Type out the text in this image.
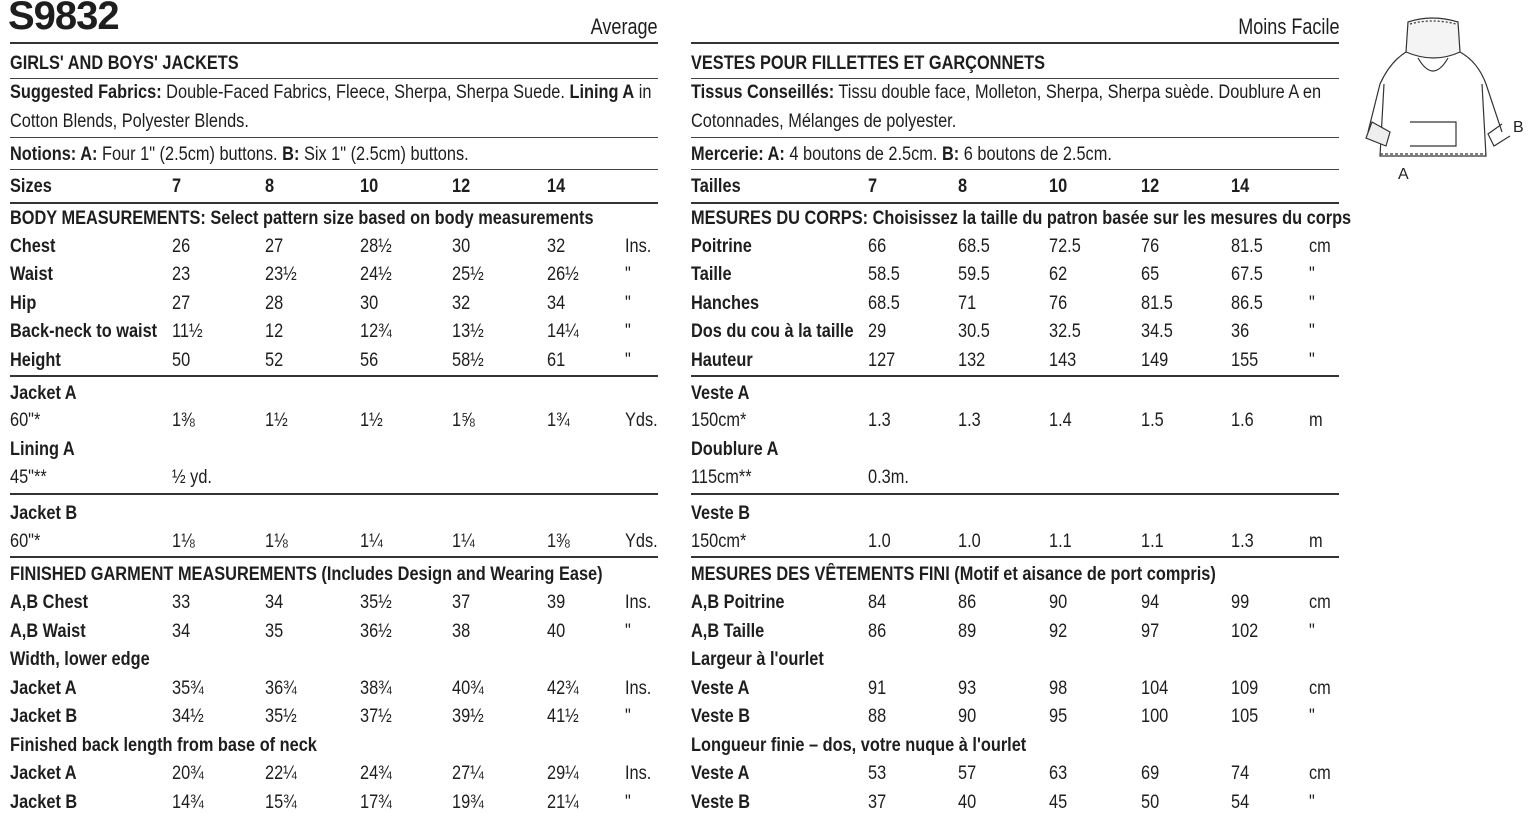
S9832	Average
GIRLS' AND BOYS' JACKETS
Suggested Fabrics: Double-Faced Fabrics, Fleece, Sherpa, Sherpa Suede. Lining A in
Cotton Blends, Polyester Blends.
Notions: A: Four 1" (2.5cm) buttons. B: Six 1" (2.5cm) buttons.
Sizes	7	8	10	12	14
BODY MEASUREMENTS: Select pattern size based on body measurements
Chest	26	27	28½	30	32	Ins.
Waist	23	23½	24½	25½	26½ "
Hip	27	28	30	32	34	"
Back-neck to waist 11½	12	12¾	13½	14¼ "
Height	50	52	56	58½	61	"
Jacket A
60"*	1⅜	1½	1½	1⅝	1¾	Yds.
Lining A
45"**	½ yd.
Jacket B
60"*	1⅛	1⅛	1¼	1¼	1⅜	Yds.
FINISHED GARMENT MEASUREMENTS (Includes Design and Wearing Ease)
A,B Chest	33	34	35½	37	39	Ins.
A,B Waist	34	35	36½	38	40	"
Width, lower edge
Jacket A	35¾	36¾	38¾	40¾	42¾ Ins.
Jacket B	34½	35½	37½	39½	41½ "
Finished back length from base of neck
Jacket A	20¾	22¼	24¾	27¼	29¼ Ins.
Jacket B	14¾	15¾	17¾	19¾	21¼ "
Moins Facile
VESTES POUR FILLETTES ET GARÇONNETS
Tissus Conseillés: Tissu double face, Molleton, Sherpa, Sherpa suède. Doublure A en
Cotonnades, Mélanges de polyester.
Mercerie: A: 4 boutons de 2.5cm. B: 6 boutons de 2.5cm.
Tailles	7	8	10	12	14
MESURES DU CORPS: Choisissez la taille du patron basée sur les mesures du corps
Poitrine	66	68.5	72.5	76	81.5 cm
Taille	58.5	59.5	62	65	67.5 "
Hanches	68.5	71	76	81.5	86.5 "
Dos du cou à la taille 29	30.5	32.5	34.5	36	"
Hauteur	127	132	143	149	155	"
Veste A
150cm*	1.3	1.3	1.4	1.5	1.6	m
Doublure A
115cm**	0.3m.
Veste B
150cm*	1.0	1.0	1.1	1.1	1.3	m
MESURES DES VÊTEMENTS FINI (Motif et aisance de port compris)
A,B Poitrine	84	86	90	94	99	cm
A,B Taille	86	89	92	97	102	"
Largeur à l'ourlet
Veste A	91	93	98	104	109	cm
Veste B	88	90	95	100	105	"
Longueur finie – dos, votre nuque à l'ourlet
Veste A	53	57	63	69	74	cm
Veste B	37	40	45	50	54	"
A
B
